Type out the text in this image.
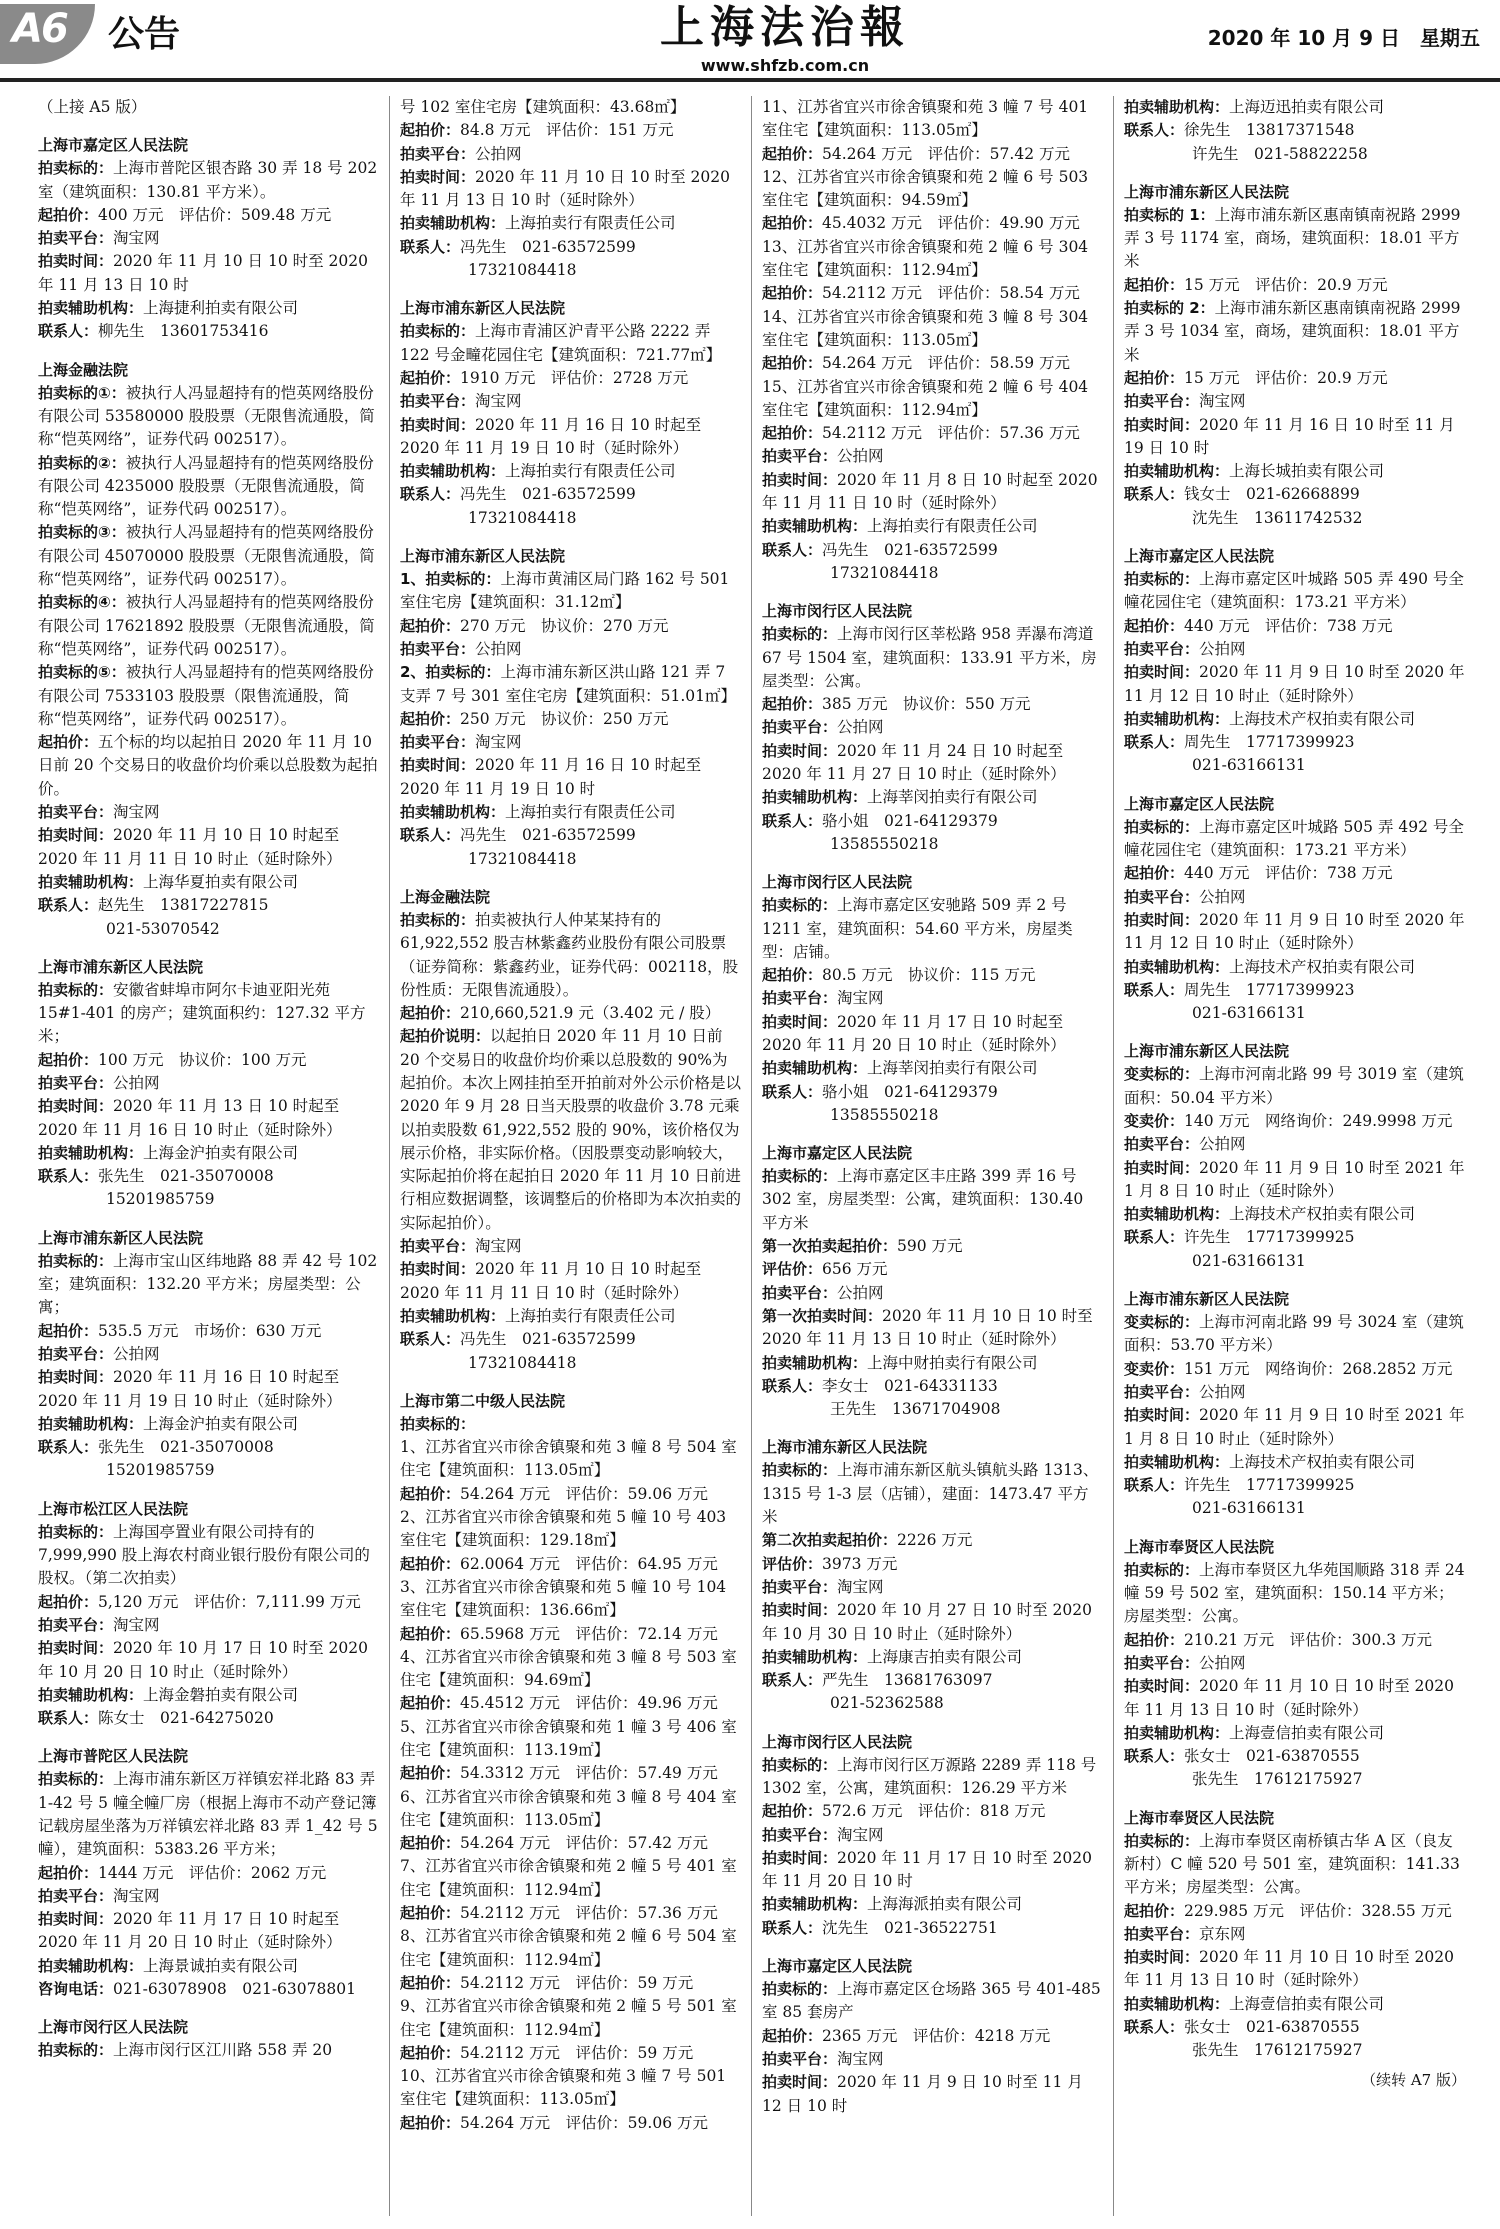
A6 公告	上海法治報
www.shfzb.com.cn
2020 年 10 月 9 日　星期五
（上接 A5 版）
上海市嘉定区人民法院
拍卖标的：上海市普陀区银杏路 30 弄 18 号 202 室（建筑面积：130.81 平方米）。
起拍价：400 万元　评估价：509.48 万元
拍卖平台：淘宝网
拍卖时间：2020 年 11 月 10 日 10 时至 2020 年 11 月 13 日 10 时
拍卖辅助机构：上海捷利拍卖有限公司
联系人：柳先生　13601753416
上海金融法院
拍卖标的①：被执行人冯显超持有的恺英网络股份有限公司 53580000 股股票（无限售流通股，简称“恺英网络”，证券代码 002517）。
拍卖标的②：被执行人冯显超持有的恺英网络股份有限公司 4235000 股股票（无限售流通股，简称“恺英网络”，证券代码 002517）。
拍卖标的③：被执行人冯显超持有的恺英网络股份有限公司 45070000 股股票（无限售流通股，简称“恺英网络”，证券代码 002517）。
拍卖标的④：被执行人冯显超持有的恺英网络股份有限公司 17621892 股股票（无限售流通股，简称“恺英网络”，证券代码 002517）。
拍卖标的⑤：被执行人冯显超持有的恺英网络股份有限公司 7533103 股股票（限售流通股，简称“恺英网络”，证券代码 002517）。
起拍价：五个标的均以起拍日 2020 年 11 月 10 日前 20 个交易日的收盘价均价乘以总股数为起拍价。
拍卖平台：淘宝网
拍卖时间：2020 年 11 月 10 日 10 时起至 2020 年 11 月 11 日 10 时止（延时除外）
拍卖辅助机构：上海华夏拍卖有限公司
联系人：赵先生　13817227815
021-53070542
上海市浦东新区人民法院
拍卖标的：安徽省蚌埠市阿尔卡迪亚阳光苑 15#1-401 的房产；建筑面积约：127.32 平方米；
起拍价：100 万元　协议价：100 万元
拍卖平台：公拍网
拍卖时间：2020 年 11 月 13 日 10 时起至 2020 年 11 月 16 日 10 时止（延时除外）
拍卖辅助机构：上海金沪拍卖有限公司
联系人：张先生　021-35070008
15201985759
上海市浦东新区人民法院
拍卖标的：上海市宝山区纬地路 88 弄 42 号 102 室；建筑面积：132.20 平方米；房屋类型：公寓；
起拍价：535.5 万元　市场价：630 万元
拍卖平台：公拍网
拍卖时间：2020 年 11 月 16 日 10 时起至 2020 年 11 月 19 日 10 时止（延时除外）
拍卖辅助机构：上海金沪拍卖有限公司
联系人：张先生　021-35070008
15201985759
上海市松江区人民法院
拍卖标的：上海国亭置业有限公司持有的 7,999,990 股上海农村商业银行股份有限公司的股权。（第二次拍卖）
起拍价：5,120 万元　评估价：7,111.99 万元
拍卖平台：淘宝网
拍卖时间：2020 年 10 月 17 日 10 时至 2020 年 10 月 20 日 10 时止（延时除外）
拍卖辅助机构：上海金磐拍卖有限公司
联系人：陈女士　021-64275020
上海市普陀区人民法院
拍卖标的：上海市浦东新区万祥镇宏祥北路 83 弄 1-42 号 5 幢全幢厂房（根据上海市不动产登记簿记载房屋坐落为万祥镇宏祥北路 83 弄 1_42 号 5 幢），建筑面积：5383.26 平方米；
起拍价：1444 万元　评估价：2062 万元
拍卖平台：淘宝网
拍卖时间：2020 年 11 月 17 日 10 时起至 2020 年 11 月 20 日 10 时止（延时除外）
拍卖辅助机构：上海景诚拍卖有限公司
咨询电话：021-63078908　021-63078801
上海市闵行区人民法院
拍卖标的：上海市闵行区江川路 558 弄 20
号 102 室住宅房【建筑面积：43.68㎡】
起拍价：84.8 万元　评估价：151 万元
拍卖平台：公拍网
拍卖时间：2020 年 11 月 10 日 10 时至 2020 年 11 月 13 日 10 时（延时除外）
拍卖辅助机构：上海拍卖行有限责任公司
联系人：冯先生　021-63572599
17321084418
上海市浦东新区人民法院
拍卖标的：上海市青浦区沪青平公路 2222 弄 122 号金疃花园住宅【建筑面积：721.77㎡】
起拍价：1910 万元　评估价：2728 万元
拍卖平台：淘宝网
拍卖时间：2020 年 11 月 16 日 10 时起至 2020 年 11 月 19 日 10 时（延时除外）
拍卖辅助机构：上海拍卖行有限责任公司
联系人：冯先生　021-63572599
17321084418
上海市浦东新区人民法院
1、拍卖标的：上海市黄浦区局门路 162 号 501 室住宅房【建筑面积：31.12㎡】
起拍价：270 万元　协议价：270 万元
拍卖平台：公拍网
2、拍卖标的：上海市浦东新区洪山路 121 弄 7 支弄 7 号 301 室住宅房【建筑面积：51.01㎡】
起拍价：250 万元　协议价：250 万元
拍卖平台：淘宝网
拍卖时间：2020 年 11 月 16 日 10 时起至 2020 年 11 月 19 日 10 时
拍卖辅助机构：上海拍卖行有限责任公司
联系人：冯先生　021-63572599
17321084418
上海金融法院
拍卖标的：拍卖被执行人仲某某持有的 61,922,552 股吉林紫鑫药业股份有限公司股票（证券简称：紫鑫药业，证券代码：002118，股份性质：无限售流通股）。
起拍价：210,660,521.9 元（3.402 元 / 股）
起拍价说明：以起拍日 2020 年 11 月 10 日前 20 个交易日的收盘价均价乘以总股数的 90%为起拍价。本次上网挂拍至开拍前对外公示价格是以 2020 年 9 月 28 日当天股票的收盘价 3.78 元乘以拍卖股数 61,922,552 股的 90%，该价格仅为展示价格，非实际价格。（因股票变动影响较大，实际起拍价将在起拍日 2020 年 11 月 10 日前进行相应数据调整，该调整后的价格即为本次拍卖的实际起拍价）。
拍卖平台：淘宝网
拍卖时间：2020 年 11 月 10 日 10 时起至 2020 年 11 月 11 日 10 时（延时除外）
拍卖辅助机构：上海拍卖行有限责任公司
联系人：冯先生　021-63572599
17321084418
上海市第二中级人民法院
拍卖标的：
1、江苏省宜兴市徐舍镇聚和苑 3 幢 8 号 504 室住宅【建筑面积：113.05㎡】
起拍价：54.264 万元　评估价：59.06 万元
2、江苏省宜兴市徐舍镇聚和苑 5 幢 10 号 403 室住宅【建筑面积：129.18㎡】
起拍价：62.0064 万元　评估价：64.95 万元
3、江苏省宜兴市徐舍镇聚和苑 5 幢 10 号 104 室住宅【建筑面积：136.66㎡】
起拍价：65.5968 万元　评估价：72.14 万元
4、江苏省宜兴市徐舍镇聚和苑 3 幢 8 号 503 室住宅【建筑面积：94.69㎡】
起拍价：45.4512 万元　评估价：49.96 万元
5、江苏省宜兴市徐舍镇聚和苑 1 幢 3 号 406 室住宅【建筑面积：113.19㎡】
起拍价：54.3312 万元　评估价：57.49 万元
6、江苏省宜兴市徐舍镇聚和苑 3 幢 8 号 404 室住宅【建筑面积：113.05㎡】
起拍价：54.264 万元　评估价：57.42 万元
7、江苏省宜兴市徐舍镇聚和苑 2 幢 5 号 401 室住宅【建筑面积：112.94㎡】
起拍价：54.2112 万元　评估价：57.36 万元
8、江苏省宜兴市徐舍镇聚和苑 2 幢 6 号 504 室住宅【建筑面积：112.94㎡】
起拍价：54.2112 万元　评估价：59 万元
9、江苏省宜兴市徐舍镇聚和苑 2 幢 5 号 501 室住宅【建筑面积：112.94㎡】
起拍价：54.2112 万元　评估价：59 万元
10、江苏省宜兴市徐舍镇聚和苑 3 幢 7 号 501 室住宅【建筑面积：113.05㎡】
起拍价：54.264 万元　评估价：59.06 万元
11、江苏省宜兴市徐舍镇聚和苑 3 幢 7 号 401 室住宅【建筑面积：113.05㎡】
起拍价：54.264 万元　评估价：57.42 万元
12、江苏省宜兴市徐舍镇聚和苑 2 幢 6 号 503 室住宅【建筑面积：94.59㎡】
起拍价：45.4032 万元　评估价：49.90 万元
13、江苏省宜兴市徐舍镇聚和苑 2 幢 6 号 304 室住宅【建筑面积：112.94㎡】
起拍价：54.2112 万元　评估价：58.54 万元
14、江苏省宜兴市徐舍镇聚和苑 3 幢 8 号 304 室住宅【建筑面积：113.05㎡】
起拍价：54.264 万元　评估价：58.59 万元
15、江苏省宜兴市徐舍镇聚和苑 2 幢 6 号 404 室住宅【建筑面积：112.94㎡】
起拍价：54.2112 万元　评估价：57.36 万元
拍卖平台：公拍网
拍卖时间：2020 年 11 月 8 日 10 时起至 2020 年 11 月 11 日 10 时（延时除外）
拍卖辅助机构：上海拍卖行有限责任公司
联系人：冯先生　021-63572599
17321084418
上海市闵行区人民法院
拍卖标的：上海市闵行区莘松路 958 弄瀑布湾道 67 号 1504 室，建筑面积：133.91 平方米，房屋类型：公寓。
起拍价：385 万元　协议价：550 万元
拍卖平台：公拍网
拍卖时间：2020 年 11 月 24 日 10 时起至 2020 年 11 月 27 日 10 时止（延时除外）
拍卖辅助机构：上海莘闵拍卖行有限公司
联系人：骆小姐　021-64129379
13585550218
上海市闵行区人民法院
拍卖标的：上海市嘉定区安驰路 509 弄 2 号 1211 室，建筑面积：54.60 平方米，房屋类型：店铺。
起拍价：80.5 万元　协议价：115 万元
拍卖平台：淘宝网
拍卖时间：2020 年 11 月 17 日 10 时起至 2020 年 11 月 20 日 10 时止（延时除外）
拍卖辅助机构：上海莘闵拍卖行有限公司
联系人：骆小姐　021-64129379
13585550218
上海市嘉定区人民法院
拍卖标的：上海市嘉定区丰庄路 399 弄 16 号 302 室，房屋类型：公寓，建筑面积：130.40 平方米
第一次拍卖起拍价：590 万元
评估价：656 万元
拍卖平台：公拍网
第一次拍卖时间：2020 年 11 月 10 日 10 时至 2020 年 11 月 13 日 10 时止（延时除外）
拍卖辅助机构：上海中财拍卖行有限公司
联系人：李女士　021-64331133
王先生　13671704908
上海市浦东新区人民法院
拍卖标的：上海市浦东新区航头镇航头路 1313、1315 号 1-3 层（店铺），建面：1473.47 平方米
第二次拍卖起拍价：2226 万元
评估价：3973 万元
拍卖平台：淘宝网
拍卖时间：2020 年 10 月 27 日 10 时至 2020 年 10 月 30 日 10 时止（延时除外）
拍卖辅助机构：上海康吉拍卖有限公司
联系人：严先生　13681763097
021-52362588
上海市闵行区人民法院
拍卖标的：上海市闵行区万源路 2289 弄 118 号 1302 室，公寓，建筑面积：126.29 平方米
起拍价：572.6 万元　评估价：818 万元
拍卖平台：淘宝网
拍卖时间：2020 年 11 月 17 日 10 时至 2020 年 11 月 20 日 10 时
拍卖辅助机构：上海海派拍卖有限公司
联系人：沈先生　021-36522751
上海市嘉定区人民法院
拍卖标的：上海市嘉定区仓场路 365 号 401-485 室 85 套房产
起拍价：2365 万元　评估价：4218 万元
拍卖平台：淘宝网
拍卖时间：2020 年 11 月 9 日 10 时至 11 月 12 日 10 时
拍卖辅助机构：上海迈迅拍卖有限公司
联系人：徐先生　13817371548
许先生　021-58822258
上海市浦东新区人民法院
拍卖标的 1：上海市浦东新区惠南镇南祝路 2999 弄 3 号 1174 室，商场，建筑面积：18.01 平方米
起拍价：15 万元　评估价：20.9 万元
拍卖标的 2：上海市浦东新区惠南镇南祝路 2999 弄 3 号 1034 室，商场，建筑面积：18.01 平方米
起拍价：15 万元　评估价：20.9 万元
拍卖平台：淘宝网
拍卖时间：2020 年 11 月 16 日 10 时至 11 月 19 日 10 时
拍卖辅助机构：上海长城拍卖有限公司
联系人：钱女士　021-62668899
沈先生　13611742532
上海市嘉定区人民法院
拍卖标的：上海市嘉定区叶城路 505 弄 490 号全幢花园住宅（建筑面积：173.21 平方米）
起拍价：440 万元　评估价：738 万元
拍卖平台：公拍网
拍卖时间：2020 年 11 月 9 日 10 时至 2020 年 11 月 12 日 10 时止（延时除外）
拍卖辅助机构：上海技术产权拍卖有限公司
联系人：周先生　17717399923
021-63166131
上海市嘉定区人民法院
拍卖标的：上海市嘉定区叶城路 505 弄 492 号全幢花园住宅（建筑面积：173.21 平方米）
起拍价：440 万元　评估价：738 万元
拍卖平台：公拍网
拍卖时间：2020 年 11 月 9 日 10 时至 2020 年 11 月 12 日 10 时止（延时除外）
拍卖辅助机构：上海技术产权拍卖有限公司
联系人：周先生　17717399923
021-63166131
上海市浦东新区人民法院
变卖标的：上海市河南北路 99 号 3019 室（建筑面积：50.04 平方米）
变卖价：140 万元　网络询价：249.9998 万元
拍卖平台：公拍网
拍卖时间：2020 年 11 月 9 日 10 时至 2021 年 1 月 8 日 10 时止（延时除外）
拍卖辅助机构：上海技术产权拍卖有限公司
联系人：许先生　17717399925
021-63166131
上海市浦东新区人民法院
变卖标的：上海市河南北路 99 号 3024 室（建筑面积：53.70 平方米）
变卖价：151 万元　网络询价：268.2852 万元
拍卖平台：公拍网
拍卖时间：2020 年 11 月 9 日 10 时至 2021 年 1 月 8 日 10 时止（延时除外）
拍卖辅助机构：上海技术产权拍卖有限公司
联系人：许先生　17717399925
021-63166131
上海市奉贤区人民法院
拍卖标的：上海市奉贤区九华苑国顺路 318 弄 24 幢 59 号 502 室，建筑面积：150.14 平方米；房屋类型：公寓。
起拍价：210.21 万元　评估价：300.3 万元
拍卖平台：公拍网
拍卖时间：2020 年 11 月 10 日 10 时至 2020 年 11 月 13 日 10 时（延时除外）
拍卖辅助机构：上海壹信拍卖有限公司
联系人：张女士　021-63870555
张先生　17612175927
上海市奉贤区人民法院
拍卖标的：上海市奉贤区南桥镇古华 A 区（良友新村）C 幢 520 号 501 室，建筑面积：141.33 平方米；房屋类型：公寓。
起拍价：229.985 万元　评估价：328.55 万元
拍卖平台：京东网
拍卖时间：2020 年 11 月 10 日 10 时至 2020 年 11 月 13 日 10 时（延时除外）
拍卖辅助机构：上海壹信拍卖有限公司
联系人：张女士　021-63870555
张先生　17612175927
（续转 A7 版）
